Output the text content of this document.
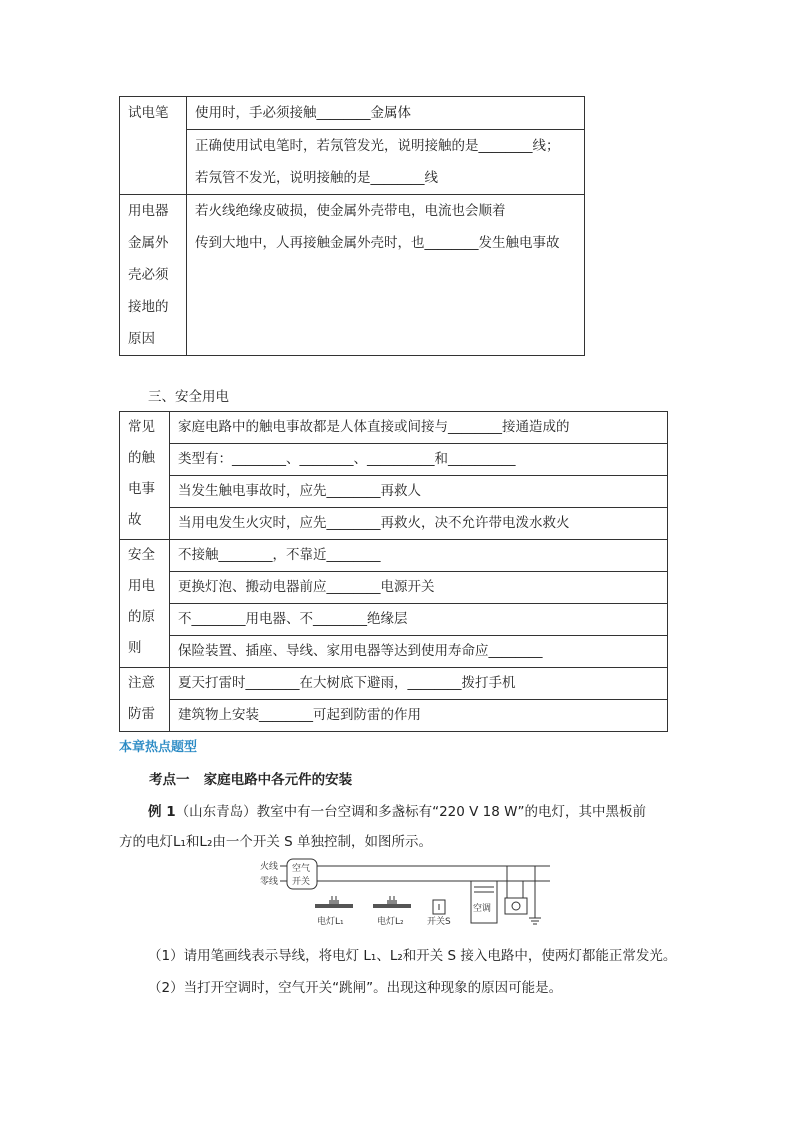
试电笔	使用时，手必须接触________金属体

	正确使用试电笔时，若氖管发光，说明接触的是________线；
若氖管不发光，说明接触的是________线

用电器
金属外
壳必须
接地的
原因	若火线绝缘皮破损，使金属外壳带电，电流也会顺着
传到大地中，人再接触金属外壳时，也________发生触电事故
三、安全用电
常见
的触
电事
故	家庭电路中的触电事故都是人体直接或间接与________接通造成的
	类型有：________、________、__________和__________
	当发生触电事故时，应先________再救人
	当用电发生火灾时，应先________再救火，决不允许带电泼水救火

安全
用电
的原
则	不接触________，不靠近________
	更换灯泡、搬动电器前应________电源开关
	不________用电器、不________绝缘层
	保险装置、插座、导线、家用电器等达到使用寿命应________

注意
防雷	夏天打雷时________在大树底下避雨，________拨打手机
	建筑物上安装________可起到防雷的作用
本章热点题型
考点一 家庭电路中各元件的安装
例 1（山东青岛）教室中有一台空调和多盏标有“220 V 18 W”的电灯，其中黑板前
方的电灯L₁和L₂由一个开关 S 单独控制，如图所示。
火线
零线
空气
开关
电灯L₁	电灯L₂	开关S
空调
（1）请用笔画线表示导线，将电灯 L₁、L₂和开关 S 接入电路中，使两灯都能正常发光。
（2）当打开空调时，空气开关“跳闸”。出现这种现象的原因可能是。
